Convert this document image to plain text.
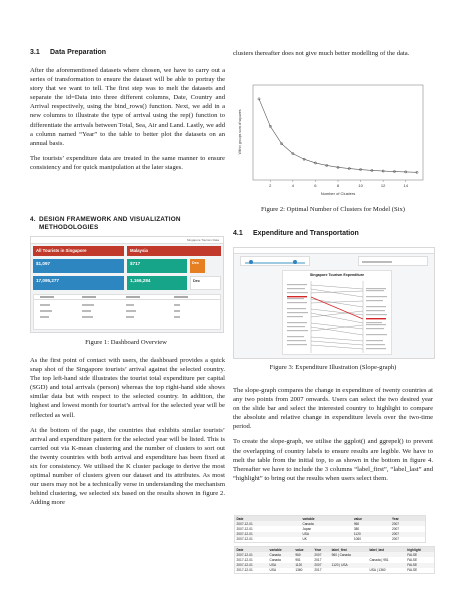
3.1 Data Preparation

After the aforementioned datasets where chosen, we have to carry out a series of transformation to ensure the dataset will be able to portray the story that we want to tell. The first step was to melt the datasets and separate the id=Data into three different columns, Date, Country and Arrival respectively, using the bind_rows() function. Next, we add in a new columns to illustrate the type of arrival using the rep() function to differentiate the arrivals between Total, Sea, Air and Land. Lastly, we add a column named “Year” to the table to better plot the datasets on an annual basis.

The tourists’ expenditure data are treated in the same manner to ensure consistency and for quick manipulation at the later stages.

4. DESIGN FRAMEWORK AND VISUALIZATION
METHODOLOGIES
Singapore Tourism Data
All Tourists in Singapore	Malaysia
$1,097
17,095,277
$717
1,166,284
Dec
Dec
Figure 1: Dashboard Overview

As the first point of contact with users, the dashboard provides a quick snap shot of the Singapore tourists’ arrival against the selected country. The top left-hand side illustrates the tourist total expenditure per capital (SGD) and total arrivals (person) whereas the top right-hand side shows similar data but with respect to the selected country. In addition, the highest and lowest month for tourist’s arrival for the selected year will be reflected as well.

At the bottom of the page, the countries that exhibits similar tourists’ arrival and expenditure pattern for the selected year will be listed. This is carried out via K-mean clustering and the number of clusters to sort out the twenty countries with both arrival and expenditure has been fixed at six for consistency. We utilised the K cluster package to derive the most optimal number of clusters given our dataset and its attributes. As most our users may not be a technically verse in understanding the mechanism behind clustering, we selected six based on the results shown in figure 2. Adding more

clusters thereafter does not give much better modelling of the data.

2	4	6	8	10	12	14
Number of Clusters
Within groups sum of squares
Figure 2: Optimal Number of Clusters for Model (Six)
4.1 Expenditure and Transportation
Singapore Tourism Expenditure
Figure 3: Expenditure Illustration (Slope-graph)

The slope-graph compares the change in expenditure of twenty countries at any two points from 2007 onwards. Users can select the two desired year on the slide bar and select the interested country to highlight to compare the absolute and relative change in expenditure levels over the two-time period.

To create the slope-graph, we utilise the ggplot() and ggrepel() to prevent the overlapping of country labels to ensure results are legible. We have to melt the table from the initial top, to as shown in the bottom in figure 4. Thereafter we have to include the 3 columns “label_first”, “label_last” and “highlight” to bring out the results when users select them.

Date	variable	value	Year
2007-12-01	Canada	960	2007
2007-12-01	Japan	380	2007
2007-12-01	USA	1120	2007
2007-12-01	UK	1060	2007
Date	variable	value	Year	label_first	label_last	highlight
2007-12-01	Canada	960	2007	960 | Canada		FALSE
2017-12-01	Canada	951	2017		Canada | 951	FALSE
2007-12-01	USA	1120	2007	1120 | USA		FALSE
2017-12-01	USA	1360	2017		USA | 1360	FALSE
